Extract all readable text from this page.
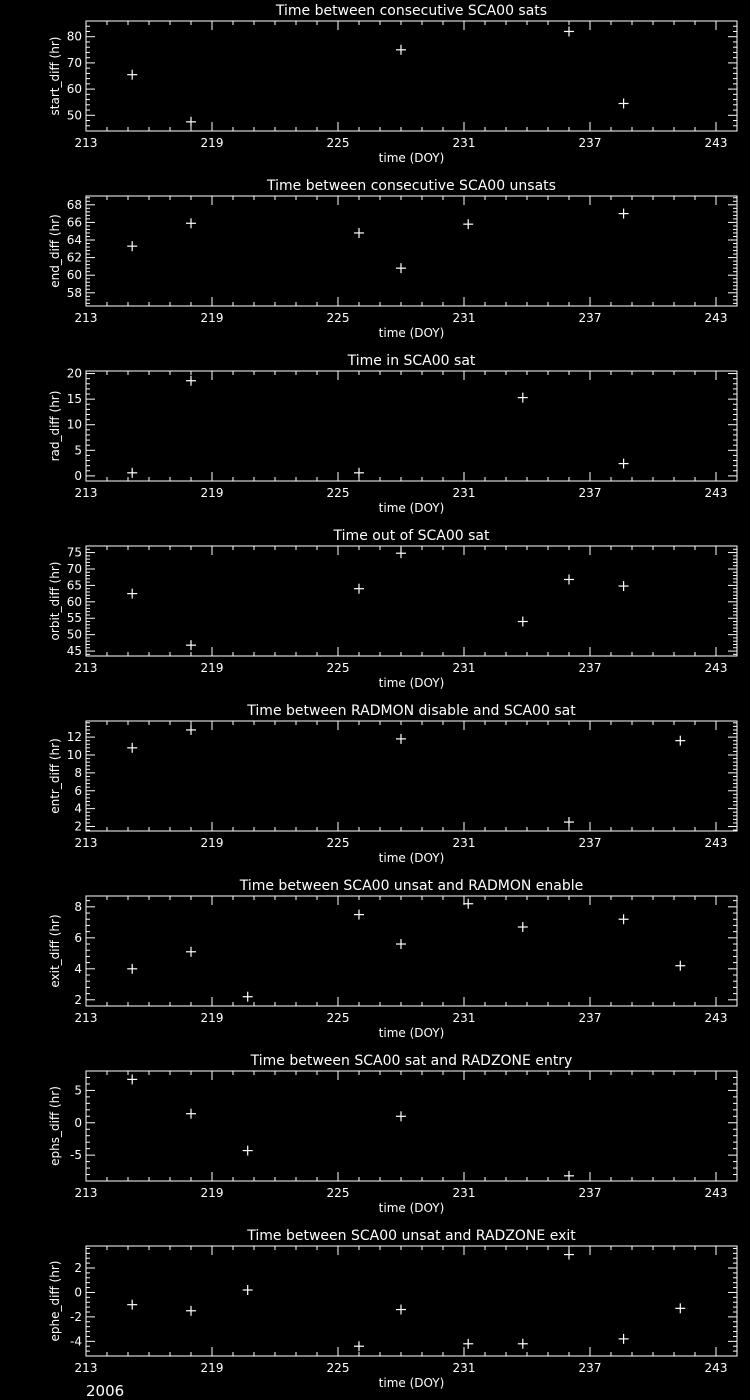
Time between consecutive SCA00 sats
213	219	225	231	237	243
50
60
70
80
time (DOY)
start_diff (hr)
Time between consecutive SCA00 unsats
213	219	225	231	237	243
58
60
62
64
66
68
time (DOY)
end_diff (hr)
Time in SCA00 sat
213	219	225	231	237	243
0
5
10
15
20
time (DOY)
rad_diff (hr)
Time out of SCA00 sat
213	219	225	231	237	243
45
50
55
60
65
70
75
time (DOY)
orbit_diff (hr)
Time between RADMON disable and SCA00 sat
213	219	225	231	237	243
2
4
6
8
10
12
time (DOY)
entr_diff (hr)
Time between SCA00 unsat and RADMON enable
213	219	225	231	237	243
2
4
6
8
time (DOY)
exit_diff (hr)
Time between SCA00 sat and RADZONE entry
213	219	225	231	237	243
-5
0
5
time (DOY)
ephs_diff (hr)
Time between SCA00 unsat and RADZONE exit
213	219	225	231	237	243
-4
-2
0
2
time (DOY)
ephe_diff (hr)
2006
